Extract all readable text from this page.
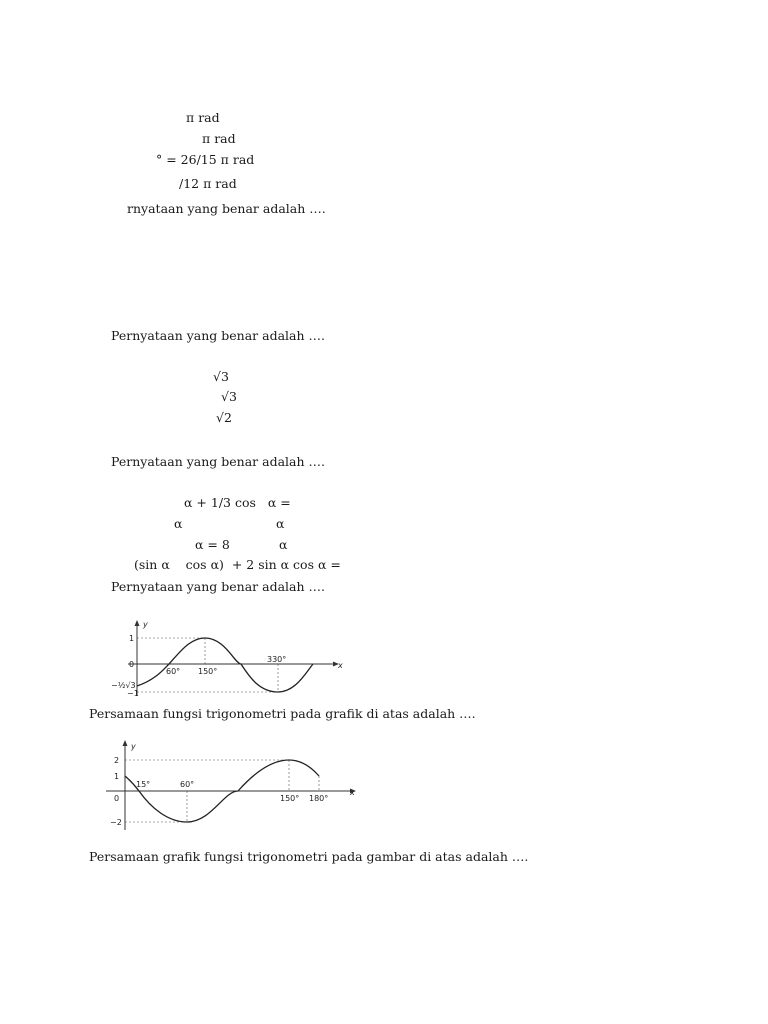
π rad
π rad
° = 26/15 π rad
/12 π rad
rnyataan yang benar adalah ….
Pernyataan yang benar adalah ….
√3
√3
√2
Pernyataan yang benar adalah ….
α + 1/3 cos   α =
α	α
α = 8	α
(sin α    cos α)  + 2 sin α cos α =
Pernyataan yang benar adalah ….
y
x
1
0
−½√3
−1
60° 150°
330°
Persamaan fungsi trigonometri pada grafik di atas adalah ….
y
x
2
1
0
−2
15°	60°
150° 180°
Persamaan grafik fungsi trigonometri pada gambar di atas adalah ….
